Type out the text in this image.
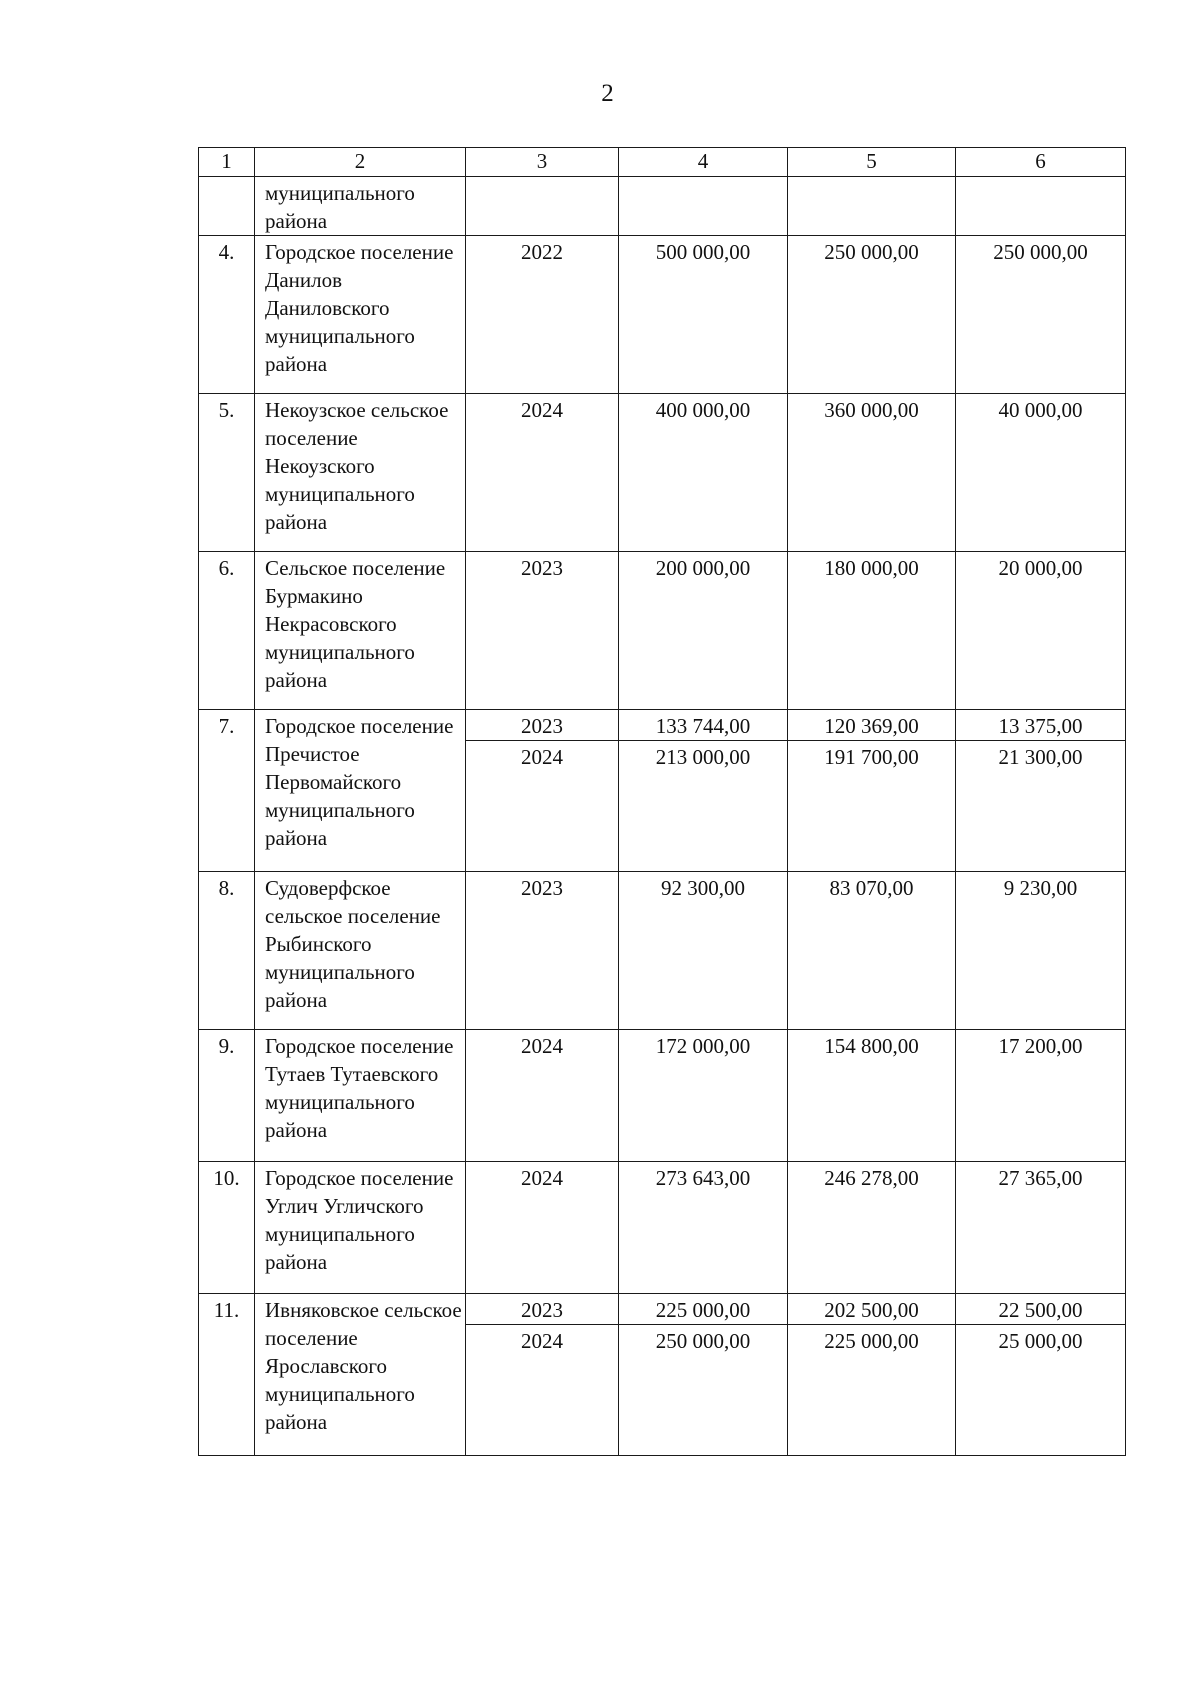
2
1	2	3	4	5	6
	муниципального района				
4.	Городское поселение Данилов Даниловского муниципального района	2022	500 000,00	250 000,00	250 000,00
5.	Некоузское сельское поселение Некоузского муниципального района	2024	400 000,00	360 000,00	40 000,00
6.	Сельское поселение Бурмакино Некрасовского муниципального района	2023	200 000,00	180 000,00	20 000,00
7.	Городское поселение Пречистое Первомайского муниципального района	2023	133 744,00	120 369,00	13 375,00
		2024	213 000,00	191 700,00	21 300,00
8.	Судоверфское сельское поселение Рыбинского муниципального района	2023	92 300,00	83 070,00	9 230,00
9.	Городское поселение Тутаев Тутаевского муниципального района	2024	172 000,00	154 800,00	17 200,00
10.	Городское поселение Углич Угличского муниципального района	2024	273 643,00	246 278,00	27 365,00
11.	Ивняковское сельское поселение Ярославского муниципального района	2023	225 000,00	202 500,00	22 500,00
		2024	250 000,00	225 000,00	25 000,00
